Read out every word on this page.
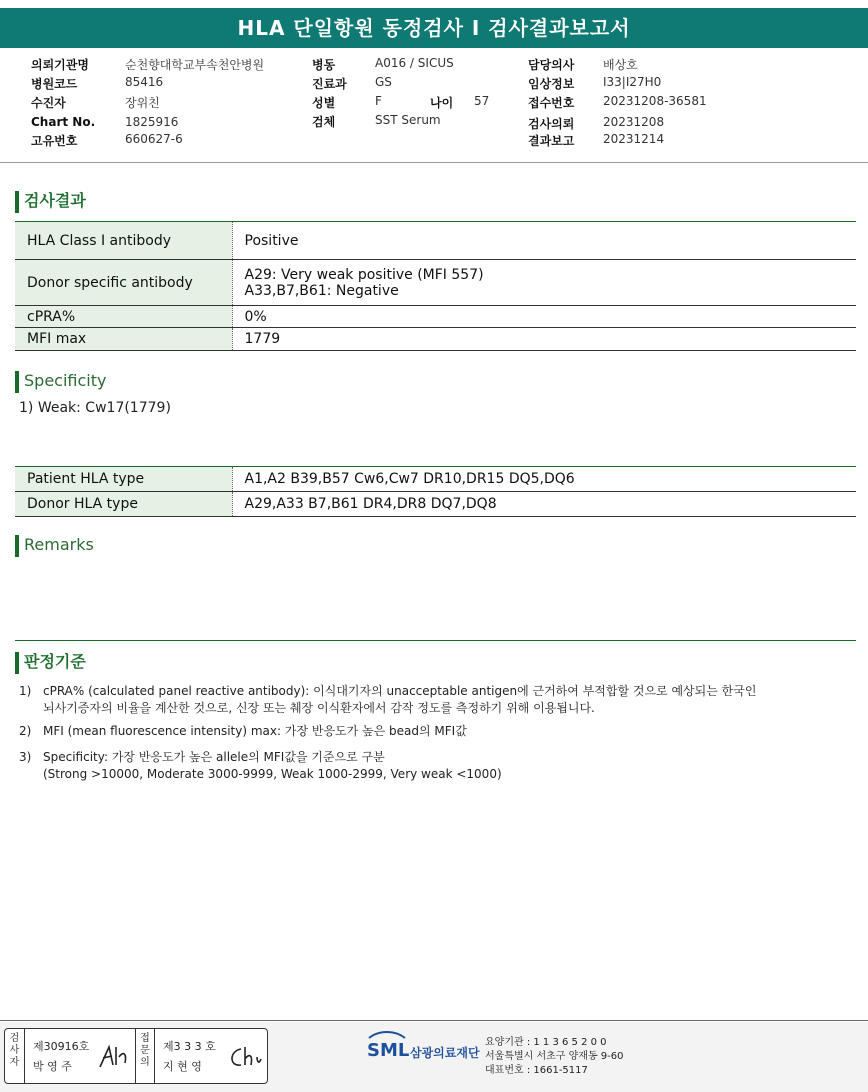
HLA 단일항원 동정검사 I 검사결과보고서
의뢰기관명	순천향대학교부속천안병원
병원코드	85416
수진자	장위친
Chart No. 1825916
고유번호	660627-6
병동	A016 / SICUS
진료과 GS
성별	F	나이 57
검체	SST Serum
담당의사 배상호
임상정보 I33|I27H0
접수번호 20231208-36581
검사의뢰 20231208
결과보고 20231214
검사결과
HLA Class I antibody	Positive
Donor specific antibody	A29: Very weak positive (MFI 557)
A33,B7,B61: Negative

cPRA%	0%
MFI max	1779
Specificity
1) Weak: Cw17(1779)
Patient HLA type	A1,A2 B39,B57 Cw6,Cw7 DR10,DR15 DQ5,DQ6
Donor HLA type	A29,A33 B7,B61 DR4,DR8 DQ7,DQ8
Remarks
판정기준
1) cPRA% (calculated panel reactive antibody): 이식대기자의 unacceptable antigen에 근거하여 부적합할 것으로 예상되는 한국인
뇌사기증자의 비율을 계산한 것으로, 신장 또는 췌장 이식환자에서 감작 정도를 측정하기 위해 이용됩니다.
2) MFI (mean fluorescence intensity) max: 가장 반응도가 높은 bead의 MFI값
3) Specificity: 가장 반응도가 높은 allele의 MFI값을 기준으로 구분
(Strong >10000, Moderate 3000-9999, Weak 1000-2999, Very weak <1000)
검사자
제30916호
박 영 주
접문의
제3 3 3 호
지 현 영
SML 삼광의료재단
요양기관 : 1 1 3 6 5 2 0 0
서울특별시 서초구 양재동 9-60
대표번호 : 1661-5117
